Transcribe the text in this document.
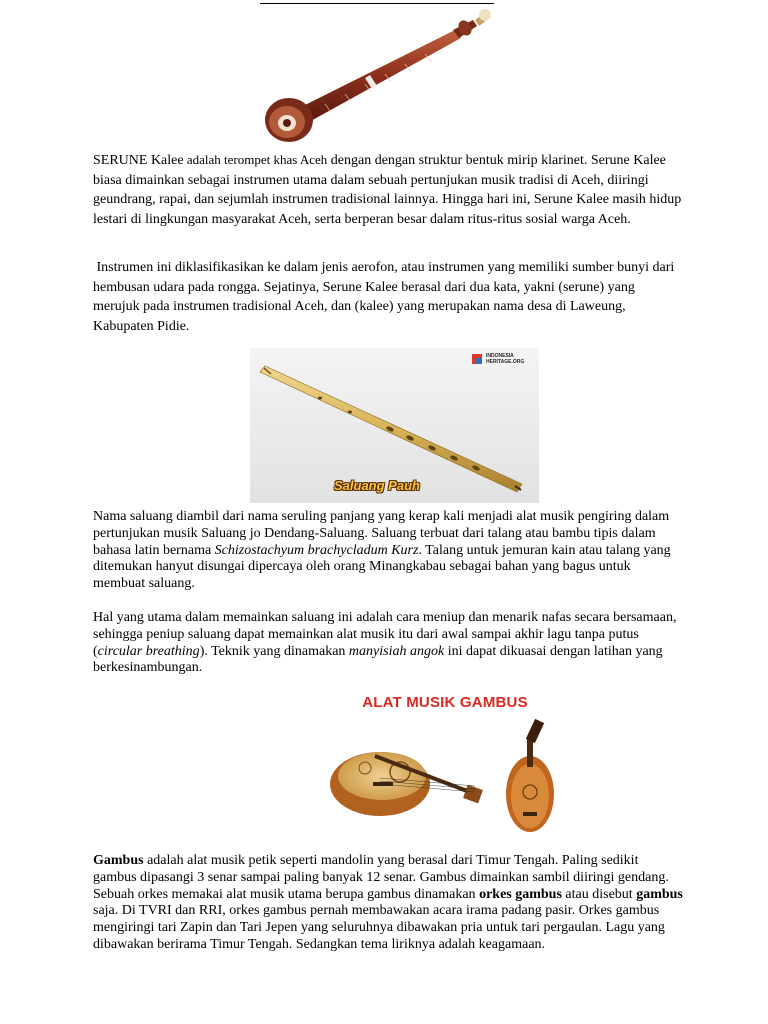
SERUNE Kalee adalah terompet khas Aceh dengan dengan struktur bentuk mirip klarinet. Serune Kalee biasa dimainkan sebagai instrumen utama dalam sebuah pertunjukan musik tradisi di Aceh, diiringi geundrang, rapai, dan sejumlah instrumen tradisional lainnya. Hingga hari ini, Serune Kalee masih hidup lestari di lingkungan masyarakat Aceh, serta berperan besar dalam ritus-ritus sosial warga Aceh.

Instrumen ini diklasifikasikan ke dalam jenis aerofon, atau instrumen yang memiliki sumber bunyi dari hembusan udara pada rongga. Sejatinya, Serune Kalee berasal dari dua kata, yakni (serune) yang merujuk pada instrumen tradisional Aceh, dan (kalee) yang merupakan nama desa di Laweung, Kabupaten Pidie.

INDONESIA
HERITAGE.ORG
Saluang Pauh

Nama saluang diambil dari nama seruling panjang yang kerap kali menjadi alat musik pengiring dalam pertunjukan musik Saluang jo Dendang-Saluang. Saluang terbuat dari talang atau bambu tipis dalam bahasa latin bernama Schizostachyum brachycladum Kurz. Talang untuk jemuran kain atau talang yang ditemukan hanyut disungai dipercaya oleh orang Minangkabau sebagai bahan yang bagus untuk membuat saluang.

Hal yang utama dalam memainkan saluang ini adalah cara meniup dan menarik nafas secara bersamaan, sehingga peniup saluang dapat memainkan alat musik itu dari awal sampai akhir lagu tanpa putus (circular breathing). Teknik yang dinamakan manyisiah angok ini dapat dikuasai dengan latihan yang berkesinambungan.

ALAT MUSIK GAMBUS

Gambus adalah alat musik petik seperti mandolin yang berasal dari Timur Tengah. Paling sedikit gambus dipasangi 3 senar sampai paling banyak 12 senar. Gambus dimainkan sambil diiringi gendang. Sebuah orkes memakai alat musik utama berupa gambus dinamakan orkes gambus atau disebut gambus saja. Di TVRI dan RRI, orkes gambus pernah membawakan acara irama padang pasir. Orkes gambus mengiringi tari Zapin dan Tari Jepen yang seluruhnya dibawakan pria untuk tari pergaulan. Lagu yang dibawakan berirama Timur Tengah. Sedangkan tema liriknya adalah keagamaan.
